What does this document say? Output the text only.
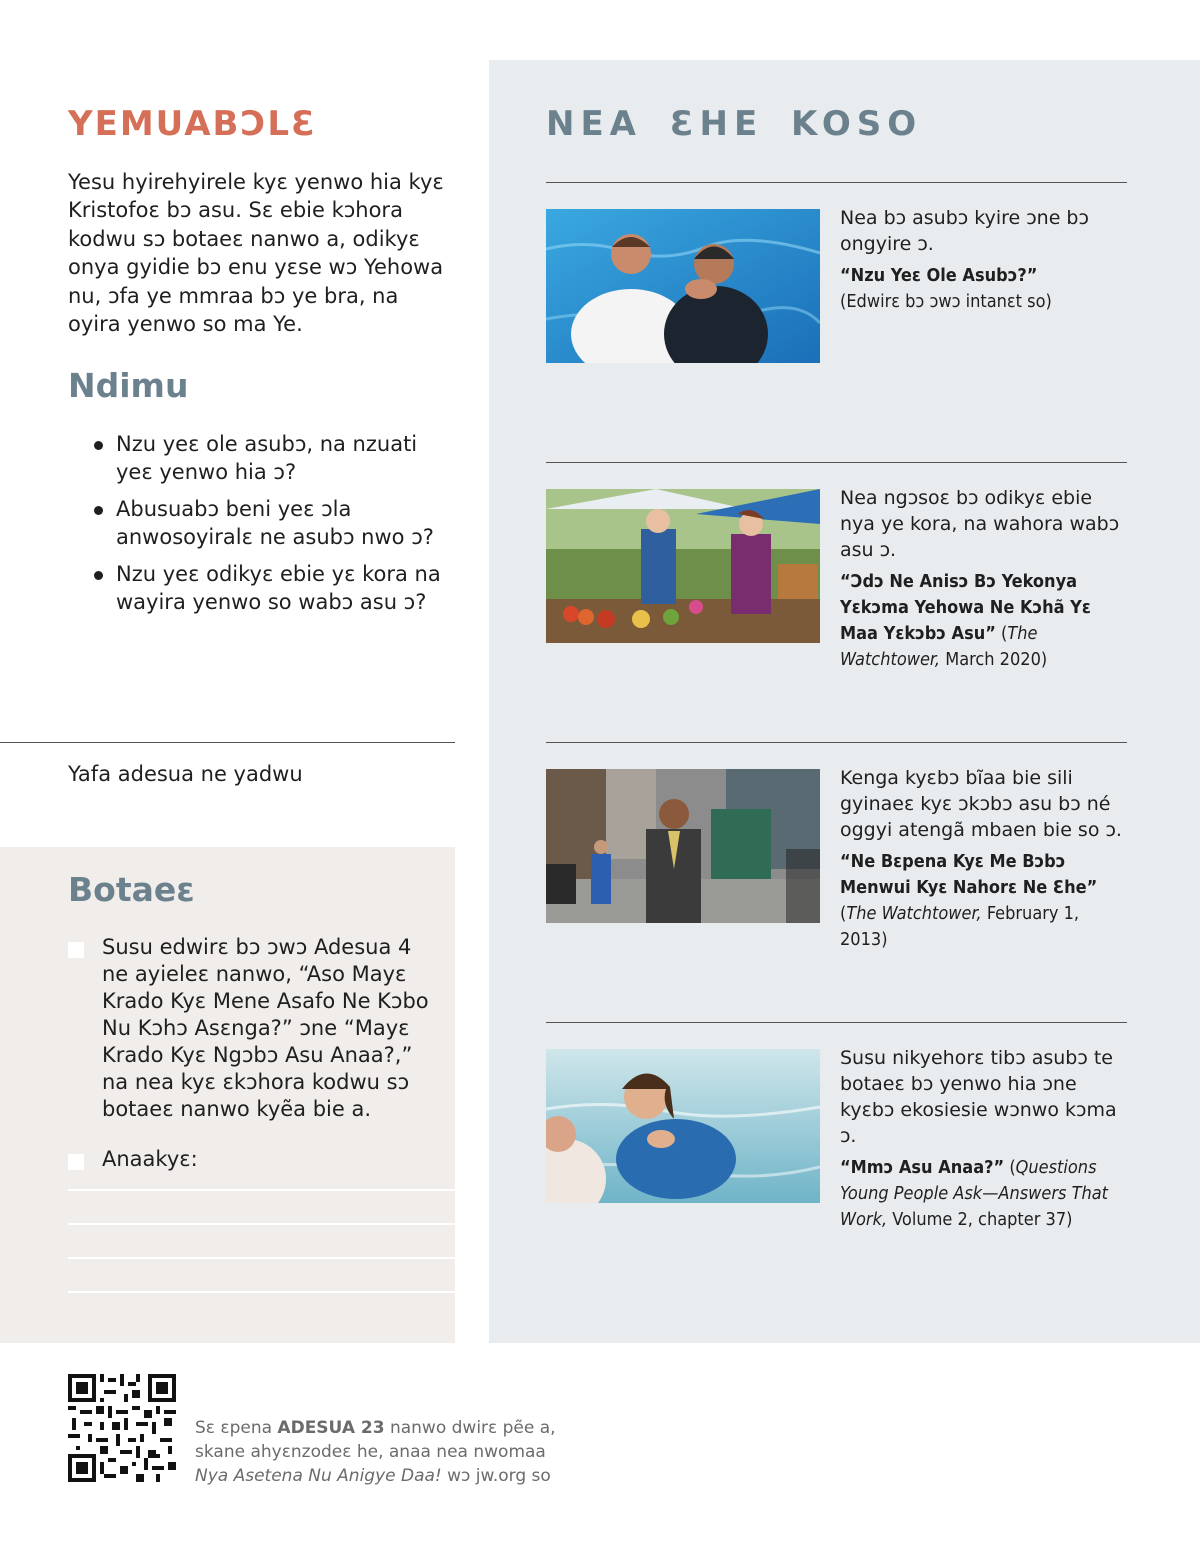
YEMUABƆLƐ

Yesu hyirehyirele kyɛ yenwo hia kyɛ Kristofoɛ bɔ asu. Sɛ ebie kɔhora kodwu sɔ botaeɛ nanwo a, odikyɛ onya gyidie bɔ enu yɛse wɔ Yehowa nu, ɔfa ye mmraa bɔ ye bra, na oyira yenwo so ma Ye.

Ndimu
Nzu yeɛ ole asubɔ, na nzuati yeɛ yenwo hia ɔ?
Abusuabɔ beni yeɛ ɔla anwosoyiralɛ ne asubɔ nwo ɔ?
Nzu yeɛ odikyɛ ebie yɛ kora na wayira yenwo so wabɔ asu ɔ?

Yafa adesua ne yadwu

Botaeɛ

Susu edwirɛ bɔ ɔwɔ Adesua 4 ne ayieleɛ nanwo, “Aso Mayɛ Krado Kyɛ Mene Asafo Ne Kɔbo Nu Kɔhɔ Asɛnga?” ɔne “Mayɛ Krado Kyɛ Ngɔbɔ Asu Anaa?,” na nea kyɛ ɛkɔhora kodwu sɔ botaeɛ nanwo kyẽa bie a.

Anaakyɛ:

NEA ƐHE KOSO

Nea bɔ asubɔ kyire ɔne bɔ ongyire ɔ.

“Nzu Yeɛ Ole Asubɔ?”
(Edwirɛ bɔ ɔwɔ intanɛt so)

Nea ngɔsoɛ bɔ odikyɛ ebie nya ye kora, na wahora wabɔ asu ɔ.

“Ɔdɔ Ne Anisɔ Bɔ Yekonya Yɛkɔma Yehowa Ne Kɔhã Yɛ Maa Yɛkɔbɔ Asu” (The Watchtower, March 2020)

Kenga kyɛbɔ bĩaa bie sili gyinaeɛ kyɛ ɔkɔbɔ asu bɔ né oggyi atengã mbaen bie so ɔ.

“Ne Bɛpena Kyɛ Me Bɔbɔ Menwui Kyɛ Nahorɛ Ne Ɛhe” (The Watchtower, February 1, 2013)

Susu nikyehorɛ tibɔ asubɔ te botaeɛ bɔ yenwo hia ɔne kyɛbɔ ekosiesie wɔnwo kɔma ɔ.

“Mmɔ Asu Anaa?” (Questions Young People Ask—Answers That Work, Volume 2, chapter 37)

Sɛ ɛpena ADESUA 23 nanwo dwirɛ pẽe a,
skane ahyɛnzodeɛ he, anaa nea nwomaa
Nya Asetena Nu Anigye Daa! wɔ jw.org so
